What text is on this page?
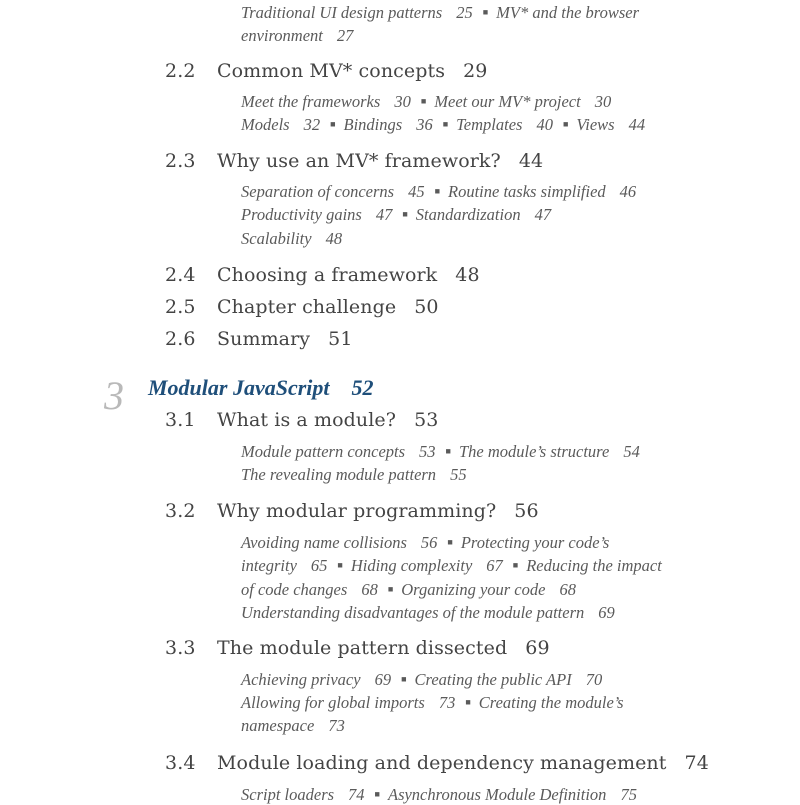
Traditional UI design patterns 25 ■ MV* and the browser
environment 27
2.2 Common MV* concepts 29
Meet the frameworks 30 ■ Meet our MV* project 30
Models 32 ■ Bindings 36 ■ Templates 40 ■ Views 44
2.3 Why use an MV* framework? 44
Separation of concerns 45 ■ Routine tasks simplified 46
Productivity gains 47 ■ Standardization 47
Scalability 48
2.4 Choosing a framework 48
2.5 Chapter challenge 50
2.6 Summary 51
3 Modular JavaScript 52
3.1 What is a module? 53
Module pattern concepts 53 ■ The module’s structure 54
The revealing module pattern 55
3.2 Why modular programming? 56
Avoiding name collisions 56 ■ Protecting your code’s
integrity 65 ■ Hiding complexity 67 ■ Reducing the impact
of code changes 68 ■ Organizing your code 68
Understanding disadvantages of the module pattern 69
3.3 The module pattern dissected 69
Achieving privacy 69 ■ Creating the public API 70
Allowing for global imports 73 ■ Creating the module’s
namespace 73
3.4 Module loading and dependency management 74
Script loaders 74 ■ Asynchronous Module Definition 75
